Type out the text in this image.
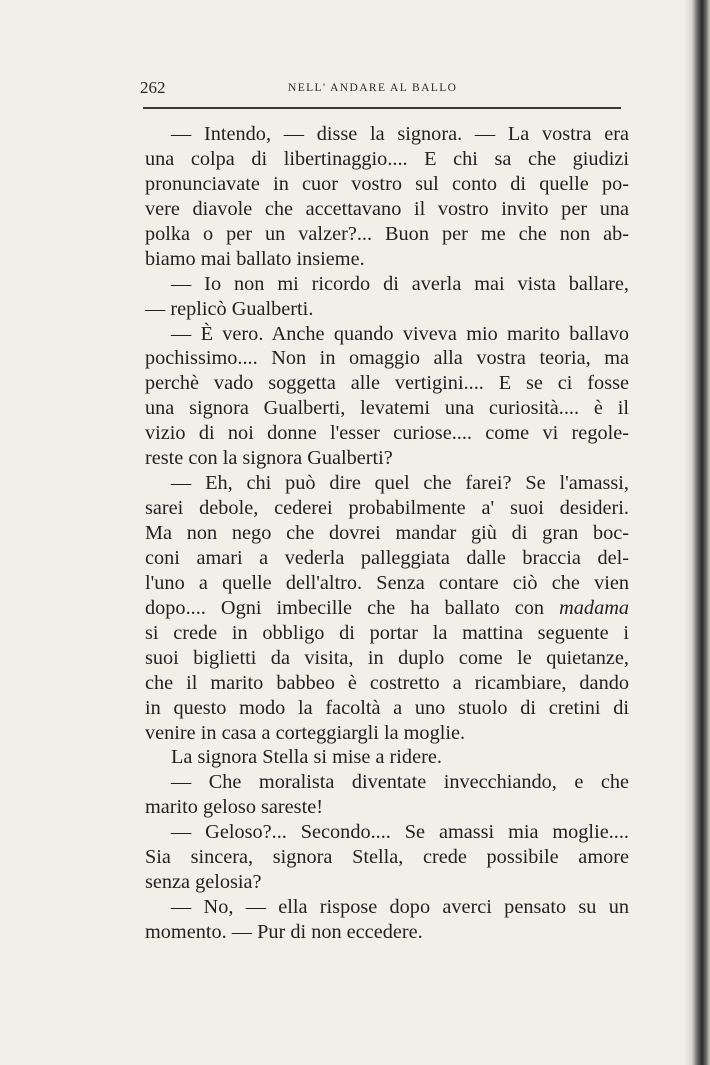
262	NELL' ANDARE AL BALLO
— Intendo, — disse la signora. — La vostra era
una colpa di libertinaggio.... E chi sa che giudizi
pronunciavate in cuor vostro sul conto di quelle po-
vere diavole che accettavano il vostro invito per una
polka o per un valzer?... Buon per me che non ab-
biamo mai ballato insieme.
— Io non mi ricordo di averla mai vista ballare,
— replicò Gualberti.
— È vero. Anche quando viveva mio marito ballavo
pochissimo.... Non in omaggio alla vostra teoria, ma
perchè vado soggetta alle vertigini.... E se ci fosse
una signora Gualberti, levatemi una curiosità.... è il
vizio di noi donne l'esser curiose.... come vi regole-
reste con la signora Gualberti?
— Eh, chi può dire quel che farei? Se l'amassi,
sarei debole, cederei probabilmente a' suoi desideri.
Ma non nego che dovrei mandar giù di gran boc-
coni amari a vederla palleggiata dalle braccia del-
l'uno a quelle dell'altro. Senza contare ciò che vien
dopo.... Ogni imbecille che ha ballato con madama
si crede in obbligo di portar la mattina seguente i
suoi biglietti da visita, in duplo come le quietanze,
che il marito babbeo è costretto a ricambiare, dando
in questo modo la facoltà a uno stuolo di cretini di
venire in casa a corteggiargli la moglie.
La signora Stella si mise a ridere.
— Che moralista diventate invecchiando, e che
marito geloso sareste!
— Geloso?... Secondo.... Se amassi mia moglie....
Sia sincera, signora Stella, crede possibile amore
senza gelosia?
— No, — ella rispose dopo averci pensato su un
momento. — Pur di non eccedere.
